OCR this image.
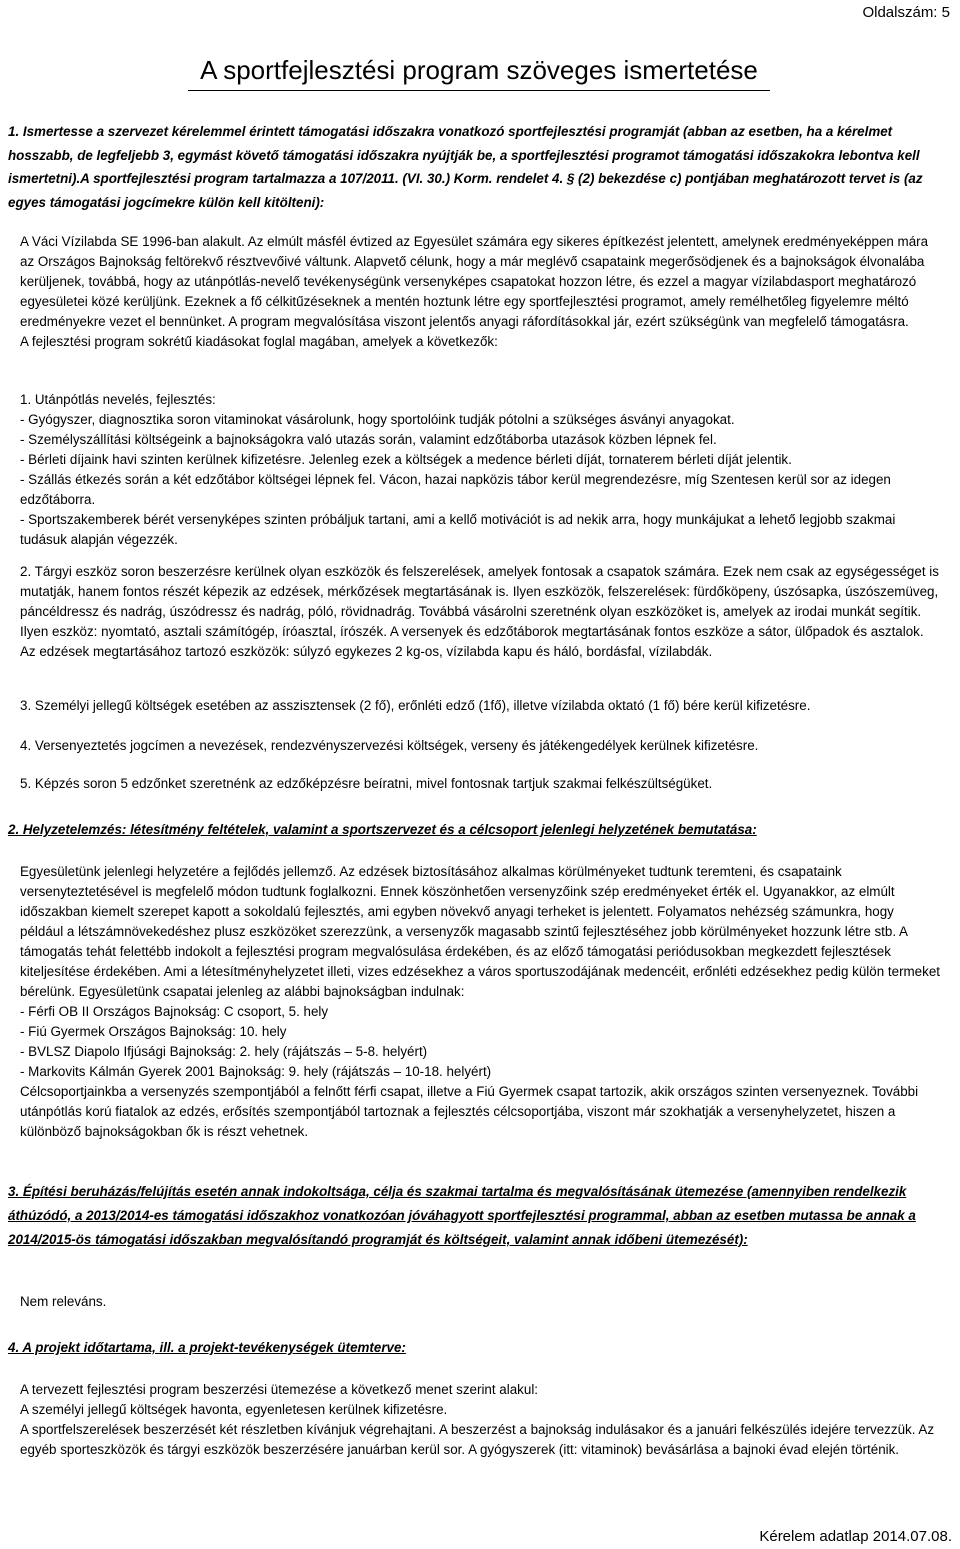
Oldalszám: 5
A sportfejlesztési program szöveges ismertetése

1. Ismertesse a szervezet kérelemmel érintett támogatási időszakra vonatkozó sportfejlesztési programját (abban az esetben, ha a kérelmet hosszabb, de legfeljebb 3, egymást követő támogatási időszakra nyújtják be, a sportfejlesztési programot támogatási időszakokra lebontva kell ismertetni).A sportfejlesztési program tartalmazza a 107/2011. (VI. 30.) Korm. rendelet 4. § (2) bekezdése c) pontjában meghatározott tervet is (az egyes támogatási jogcímekre külön kell kitölteni):

A Váci Vízilabda SE 1996-ban alakult. Az elmúlt másfél évtized az Egyesület számára egy sikeres építkezést jelentett, amelynek eredményeképpen mára az Országos Bajnokság feltörekvő résztvevőivé váltunk. Alapvető célunk, hogy a már meglévő csapataink megerősödjenek és a bajnokságok élvonalába kerüljenek, továbbá, hogy az utánpótlás-nevelő tevékenységünk versenyképes csapatokat hozzon létre, és ezzel a magyar vízilabdasport meghatározó egyesületei közé kerüljünk. Ezeknek a fő célkitűzéseknek a mentén hoztunk létre egy sportfejlesztési programot, amely remélhetőleg figyelemre méltó eredményekre vezet el bennünket. A program megvalósítása viszont jelentős anyagi ráfordításokkal jár, ezért szükségünk van megfelelő támogatásra.

A fejlesztési program sokrétű kiadásokat foglal magában, amelyek a következők:

1. Utánpótlás nevelés, fejlesztés:

- Gyógyszer, diagnosztika soron vitaminokat vásárolunk, hogy sportolóink tudják pótolni a szükséges ásványi anyagokat.

- Személyszállítási költségeink a bajnokságokra való utazás során, valamint edzőtáborba utazások közben lépnek fel.

- Bérleti díjaink havi szinten kerülnek kifizetésre. Jelenleg ezek a költségek a medence bérleti díját, tornaterem bérleti díját jelentik.

- Szállás étkezés során a két edzőtábor költségei lépnek fel. Vácon, hazai napközis tábor kerül megrendezésre, míg Szentesen kerül sor az idegen edzőtáborra.

- Sportszakemberek bérét versenyképes szinten próbáljuk tartani, ami a kellő motivációt is ad nekik arra, hogy munkájukat a lehető legjobb szakmai tudásuk alapján végezzék.

2. Tárgyi eszköz soron beszerzésre kerülnek olyan eszközök és felszerelések, amelyek fontosak a csapatok számára. Ezek nem csak az egységességet is mutatják, hanem fontos részét képezik az edzések, mérkőzések megtartásának is. Ilyen eszközök, felszerelések: fürdőköpeny, úszósapka, úszószemüveg, páncéldressz és nadrág, úszódressz és nadrág, póló, rövidnadrág. Továbbá vásárolni szeretnénk olyan eszközöket is, amelyek az irodai munkát segítik. Ilyen eszköz: nyomtató, asztali számítógép, íróasztal, írószék. A versenyek és edzőtáborok megtartásának fontos eszköze a sátor, ülőpadok és asztalok. Az edzések megtartásához tartozó eszközök: súlyzó egykezes 2 kg-os, vízilabda kapu és háló, bordásfal, vízilabdák.

3. Személyi jellegű költségek esetében az asszisztensek (2 fő), erőnléti edző (1fő), illetve vízilabda oktató (1 fő) bére kerül kifizetésre.

4. Versenyeztetés jogcímen a nevezések, rendezvényszervezési költségek, verseny és játékengedélyek kerülnek kifizetésre.

5. Képzés soron 5 edzőnket szeretnénk az edzőképzésre beíratni, mivel fontosnak tartjuk szakmai felkészültségüket.

2. Helyzetelemzés: létesítmény feltételek, valamint a sportszervezet és a célcsoport jelenlegi helyzetének bemutatása:

Egyesületünk jelenlegi helyzetére a fejlődés jellemző. Az edzések biztosításához alkalmas körülményeket tudtunk teremteni, és csapataink versenyteztetésével is megfelelő módon tudtunk foglalkozni. Ennek köszönhetően versenyzőink szép eredményeket érték el. Ugyanakkor, az elmúlt időszakban kiemelt szerepet kapott a sokoldalú fejlesztés, ami egyben növekvő anyagi terheket is jelentett. Folyamatos nehézség számunkra, hogy például a létszámnövekedéshez plusz eszközöket szerezzünk, a versenyzők magasabb szintű fejlesztéséhez jobb körülményeket hozzunk létre stb. A támogatás tehát felettébb indokolt a fejlesztési program megvalósulása érdekében, és az előző támogatási periódusokban megkezdett fejlesztések kiteljesítése érdekében. Ami a létesítményhelyzetet illeti, vizes edzésekhez a város sportuszodájának medencéit, erőnléti edzésekhez pedig külön termeket bérelünk. Egyesületünk csapatai jelenleg az alábbi bajnokságban indulnak:

- Férfi OB II Országos Bajnokság: C csoport, 5. hely

- Fiú Gyermek Országos Bajnokság: 10. hely

- BVLSZ Diapolo Ifjúsági Bajnokság: 2. hely (rájátszás – 5-8. helyért)

- Markovits Kálmán Gyerek 2001 Bajnokság: 9. hely (rájátszás – 10-18. helyért)

Célcsoportjainkba a versenyzés szempontjából a felnőtt férfi csapat, illetve a Fiú Gyermek csapat tartozik, akik országos szinten versenyeznek. További utánpótlás korú fiatalok az edzés, erősítés szempontjából tartoznak a fejlesztés célcsoportjába, viszont már szokhatják a versenyhelyzetet, hiszen a különböző bajnokságokban ők is részt vehetnek.

3. Építési beruházás/felújítás esetén annak indokoltsága, célja és szakmai tartalma és megvalósításának ütemezése (amennyiben rendelkezik áthúzódó, a 2013/2014-es támogatási időszakhoz vonatkozóan jóváhagyott sportfejlesztési programmal, abban az esetben mutassa be annak a 2014/2015-ös támogatási időszakban megvalósítandó programját és költségeit, valamint annak időbeni ütemezését):

Nem releváns.

4. A projekt időtartama, ill. a projekt-tevékenységek ütemterve:

A tervezett fejlesztési program beszerzési ütemezése a következő menet szerint alakul:

A személyi jellegű költségek havonta, egyenletesen kerülnek kifizetésre.

A sportfelszerelések beszerzését két részletben kívánjuk végrehajtani. A beszerzést a bajnokság indulásakor és a januári felkészülés idejére tervezzük. Az egyéb sporteszközök és tárgyi eszközök beszerzésére januárban kerül sor. A gyógyszerek (itt: vitaminok) bevásárlása a bajnoki évad elején történik.

Kérelem adatlap 2014.07.08.
